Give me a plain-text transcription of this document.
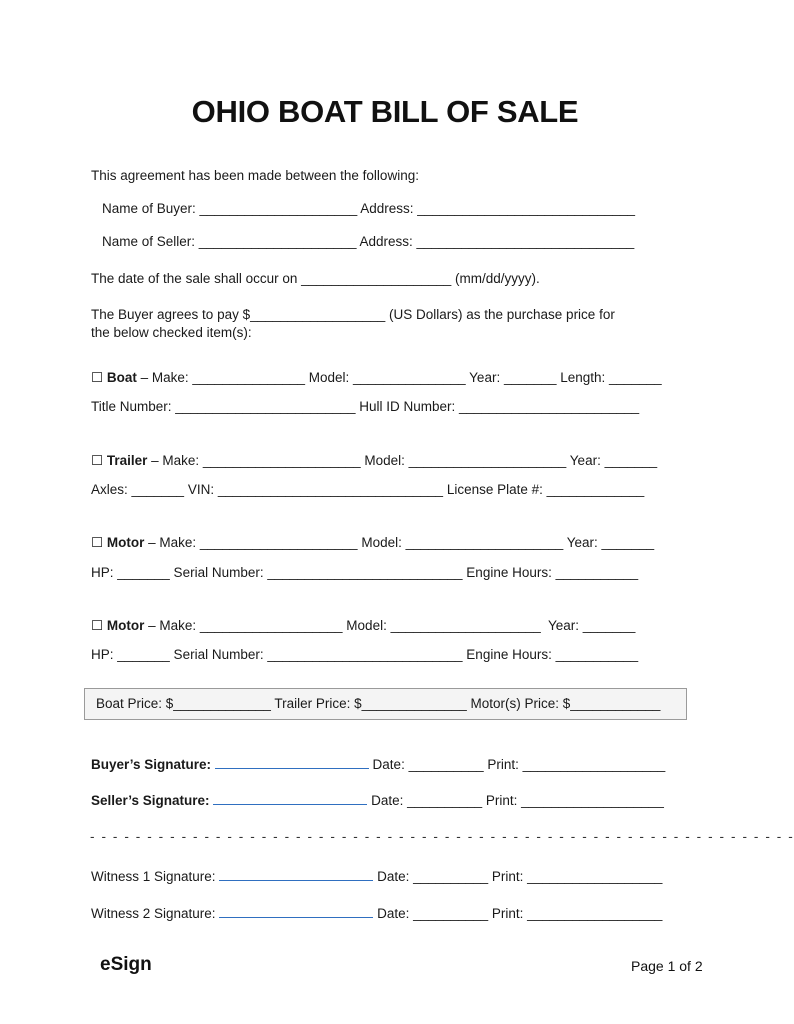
OHIO BOAT BILL OF SALE
This agreement has been made between the following:
Name of Buyer: _____________________ Address: _____________________________
Name of Seller: _____________________ Address: _____________________________
The date of the sale shall occur on ____________________ (mm/dd/yyyy).
The Buyer agrees to pay $__________________ (US Dollars) as the purchase price for
the below checked item(s):
☐ Boat – Make: _______________ Model: _______________ Year: _______ Length: _______
Title Number: ________________________ Hull ID Number: ________________________
☐ Trailer – Make: _____________________ Model: _____________________ Year: _______
Axles: _______ VIN: ______________________________ License Plate #: _____________
☐ Motor – Make: _____________________ Model: _____________________ Year: _______
HP: _______ Serial Number: __________________________ Engine Hours: ___________
☐ Motor – Make: ___________________ Model: ____________________  Year: _______
HP: _______ Serial Number: __________________________ Engine Hours: ___________
Boat Price: $_____________ Trailer Price: $______________ Motor(s) Price: $____________
Buyer’s Signature:	Date: __________ Print: ___________________
Seller’s Signature:	Date: __________ Print: ___________________
- - - - - - - - - - - - - - - - - - - - - - - - - - - - - - - - - - - - - - - - - - - - - - - - - - - - - - - - - - - - - -
Witness 1 Signature:	Date: __________ Print: __________________
Witness 2 Signature:	Date: __________ Print: __________________
eSign	Page 1 of 2
